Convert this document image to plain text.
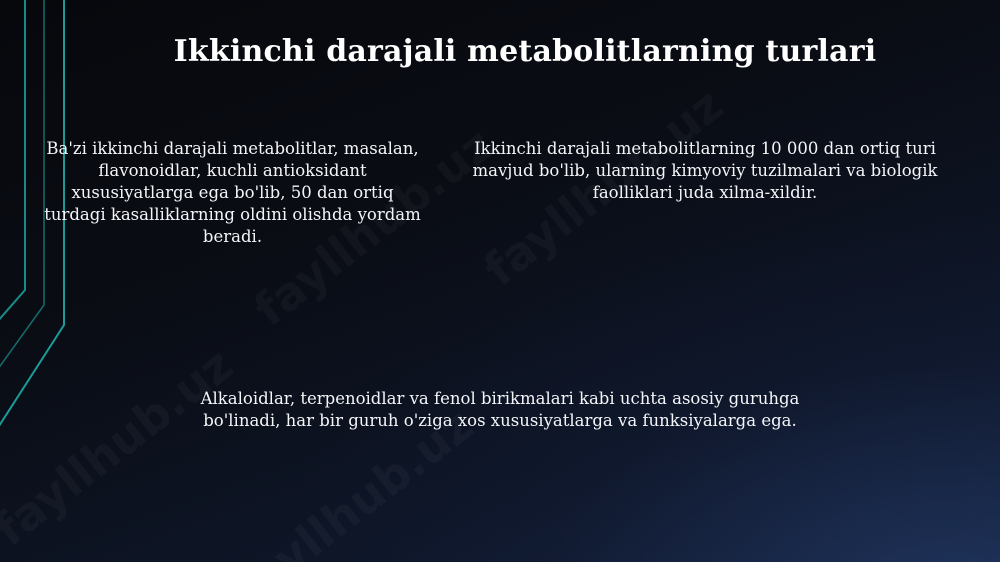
Ikkinchi darajali metabolitlarning turlari
Ba'zi ikkinchi darajali metabolitlar, masalan, flavonoidlar, kuchli antioksidant xususiyatlarga ega bo'lib, 50 dan ortiq turdagi kasalliklarning oldini olishda yordam beradi.
Ikkinchi darajali metabolitlarning 10 000 dan ortiq turi mavjud bo'lib, ularning kimyoviy tuzilmalari va biologik faolliklari juda xilma-xildir.
Alkaloidlar, terpenoidlar va fenol birikmalari kabi uchta asosiy guruhga bo'linadi, har bir guruh o'ziga xos xususiyatlarga va funksiyalarga ega.
